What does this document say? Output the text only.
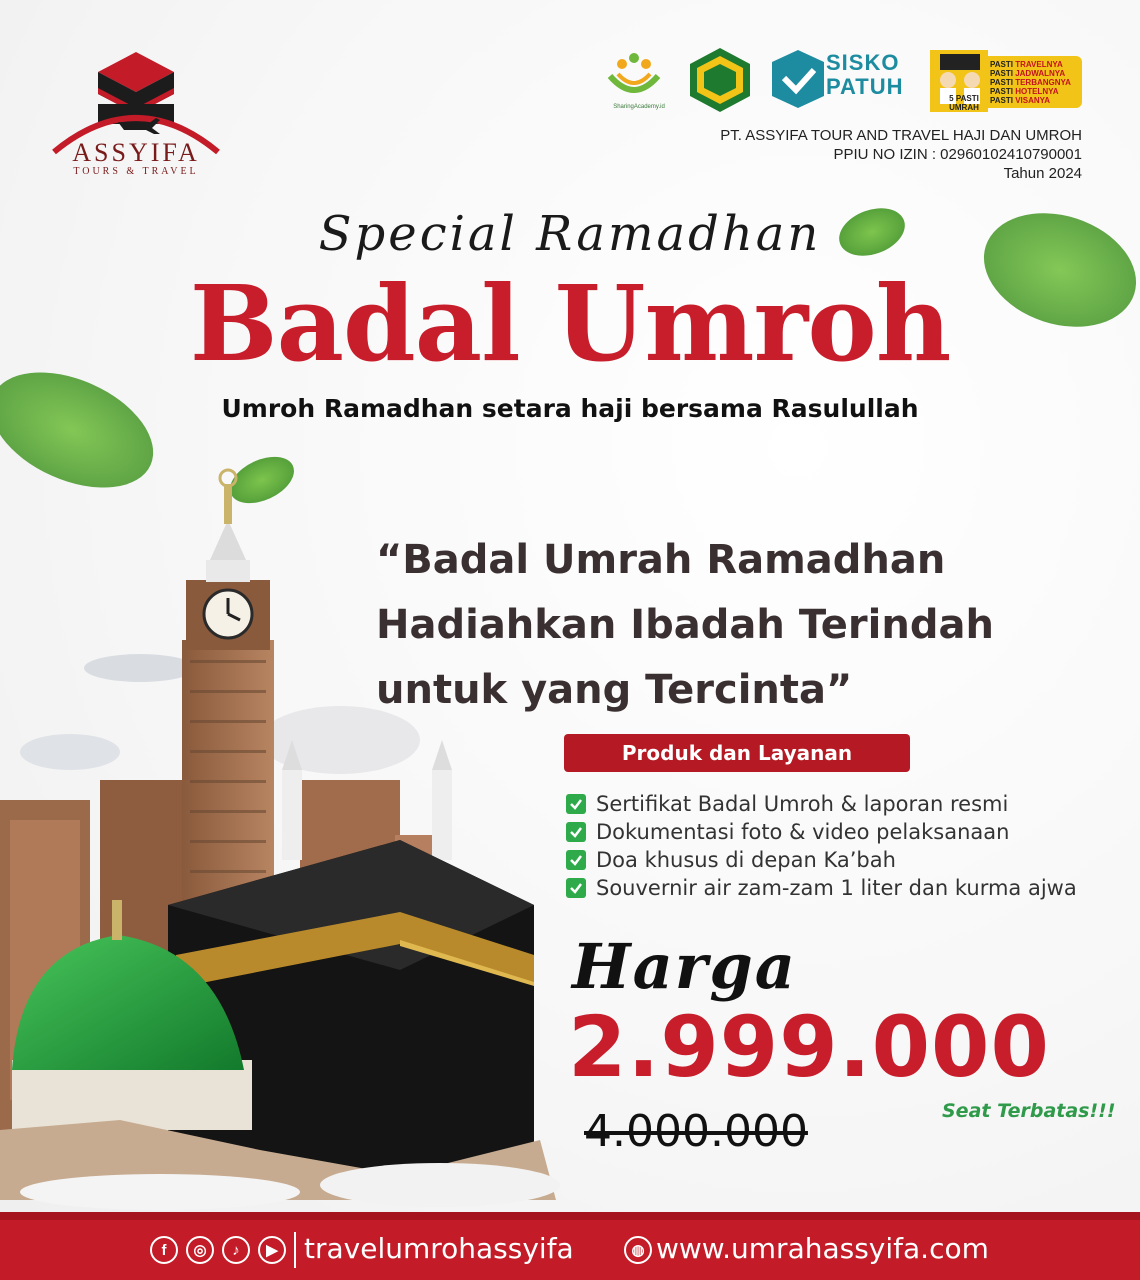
ASSYIFA
TOURS & TRAVEL
SharingAcademy.id
SISKO
PATUH	5 PASTI UMRAH
PASTI TRAVELNYA
PASTI JADWALNYA
PASTI TERBANGNYA
PASTI HOTELNYA
PASTI VISANYA
PT. ASSYIFA TOUR AND TRAVEL HAJI DAN UMROH
PPIU NO IZIN : 02960102410790001
Tahun 2024
Special Ramadhan
Badal Umroh
Umroh Ramadhan setara haji bersama Rasulullah
“Badal Umrah Ramadhan
Hadiahkan Ibadah Terindah
untuk yang Tercinta”
Produk dan Layanan
Sertifikat Badal Umroh & laporan resmi
Dokumentasi foto & video pelaksanaan
Doa khusus di depan Ka’bah
Souvernir air zam-zam 1 liter dan kurma ajwa
Harga
2.999.000
4.000.000	Seat Terbatas!!!
f	◎	♪	▶ travelumrohassyifa	◍ www.umrahassyifa.com
